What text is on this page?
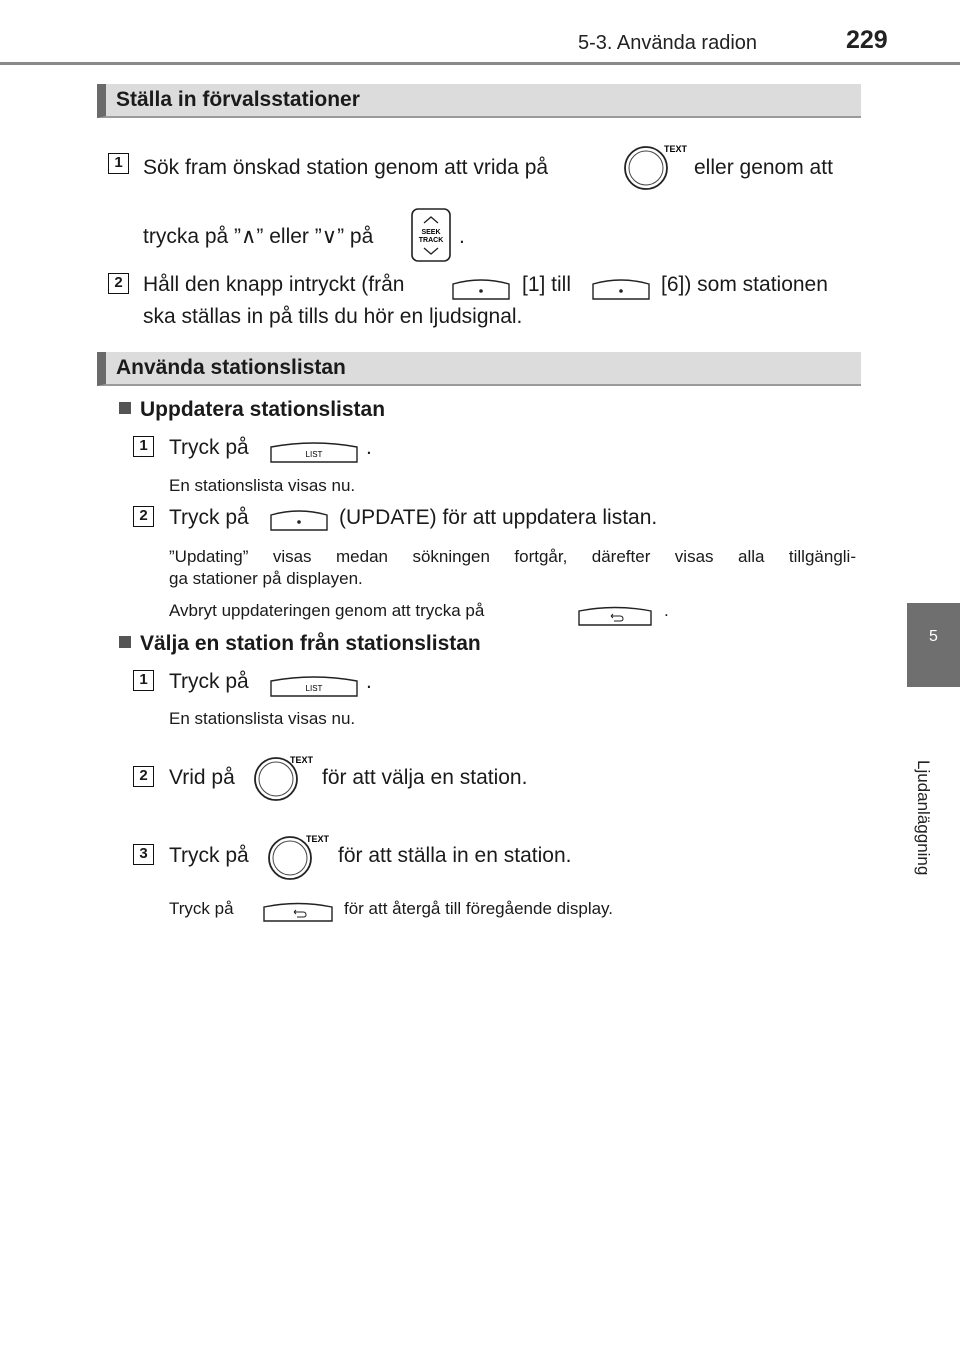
5-3. Använda radion	229
5
Ljudanläggning
Ställa in förvalsstationer
1 Sök fram önskad station genom att vrida på
TEXT
eller genom att
trycka på ”∧” eller ”∨” på	SEEK
TRACK .
2 Håll den knapp intryckt (från	[1] till	[6]) som stationen
ska ställas in på tills du hör en ljudsignal.
Använda stationslistan
Uppdatera stationslistan
1	Tryck på	LIST .
En stationslista visas nu.
2	Tryck på	(UPDATE) för att uppdatera listan.
”Updating” visas medan sökningen fortgår, därefter visas alla tillgängli-
ga stationer på displayen.
Avbryt uppdateringen genom att trycka på	.
Välja en station från stationslistan
1	Tryck på	LIST .
En stationslista visas nu.
2	Vrid på
TEXT
för att välja en station.
3	Tryck på
TEXT
för att ställa in en station.
Tryck på	för att återgå till föregående display.
